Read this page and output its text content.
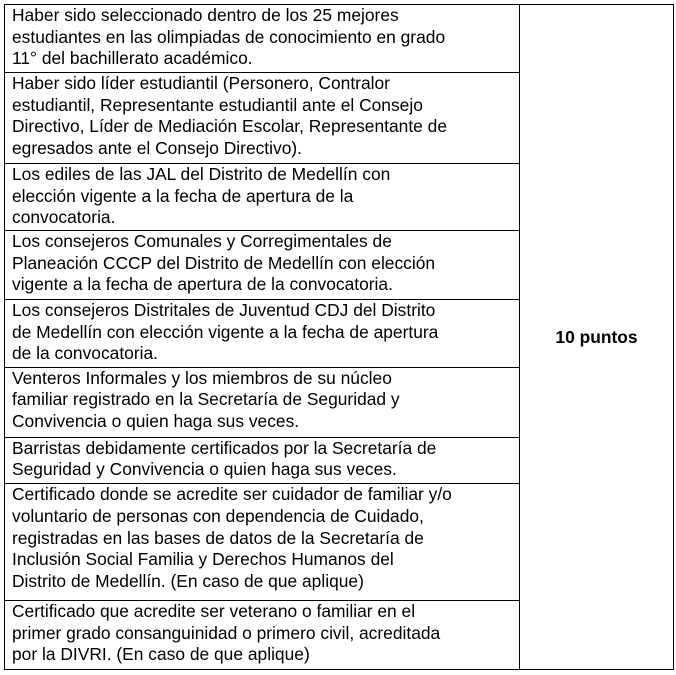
Haber sido seleccionado dentro de los 25 mejores
estudiantes en las olimpiadas de conocimiento en grado
11° del bachillerato académico.
	10 puntos

Haber sido líder estudiantil (Personero, Contralor
estudiantil, Representante estudiantil ante el Consejo
Directivo, Líder de Mediación Escolar, Representante de
egresados ante el Consejo Directivo).

Los ediles de las JAL del Distrito de Medellín con
elección vigente a la fecha de apertura de la
convocatoria.

Los consejeros Comunales y Corregimentales de
Planeación CCCP del Distrito de Medellín con elección
vigente a la fecha de apertura de la convocatoria.

Los consejeros Distritales de Juventud CDJ del Distrito
de Medellín con elección vigente a la fecha de apertura
de la convocatoria.

Venteros Informales y los miembros de su núcleo
familiar registrado en la Secretaría de Seguridad y
Convivencia o quien haga sus veces.

Barristas debidamente certificados por la Secretaría de
Seguridad y Convivencia o quien haga sus veces.

Certificado donde se acredite ser cuidador de familiar y/o
voluntario de personas con dependencia de Cuidado,
registradas en las bases de datos de la Secretaría de
Inclusión Social Familia y Derechos Humanos del
Distrito de Medellín. (En caso de que aplique)

Certificado que acredite ser veterano o familiar en el
primer grado consanguinidad o primero civil, acreditada
por la DIVRI. (En caso de que aplique)
